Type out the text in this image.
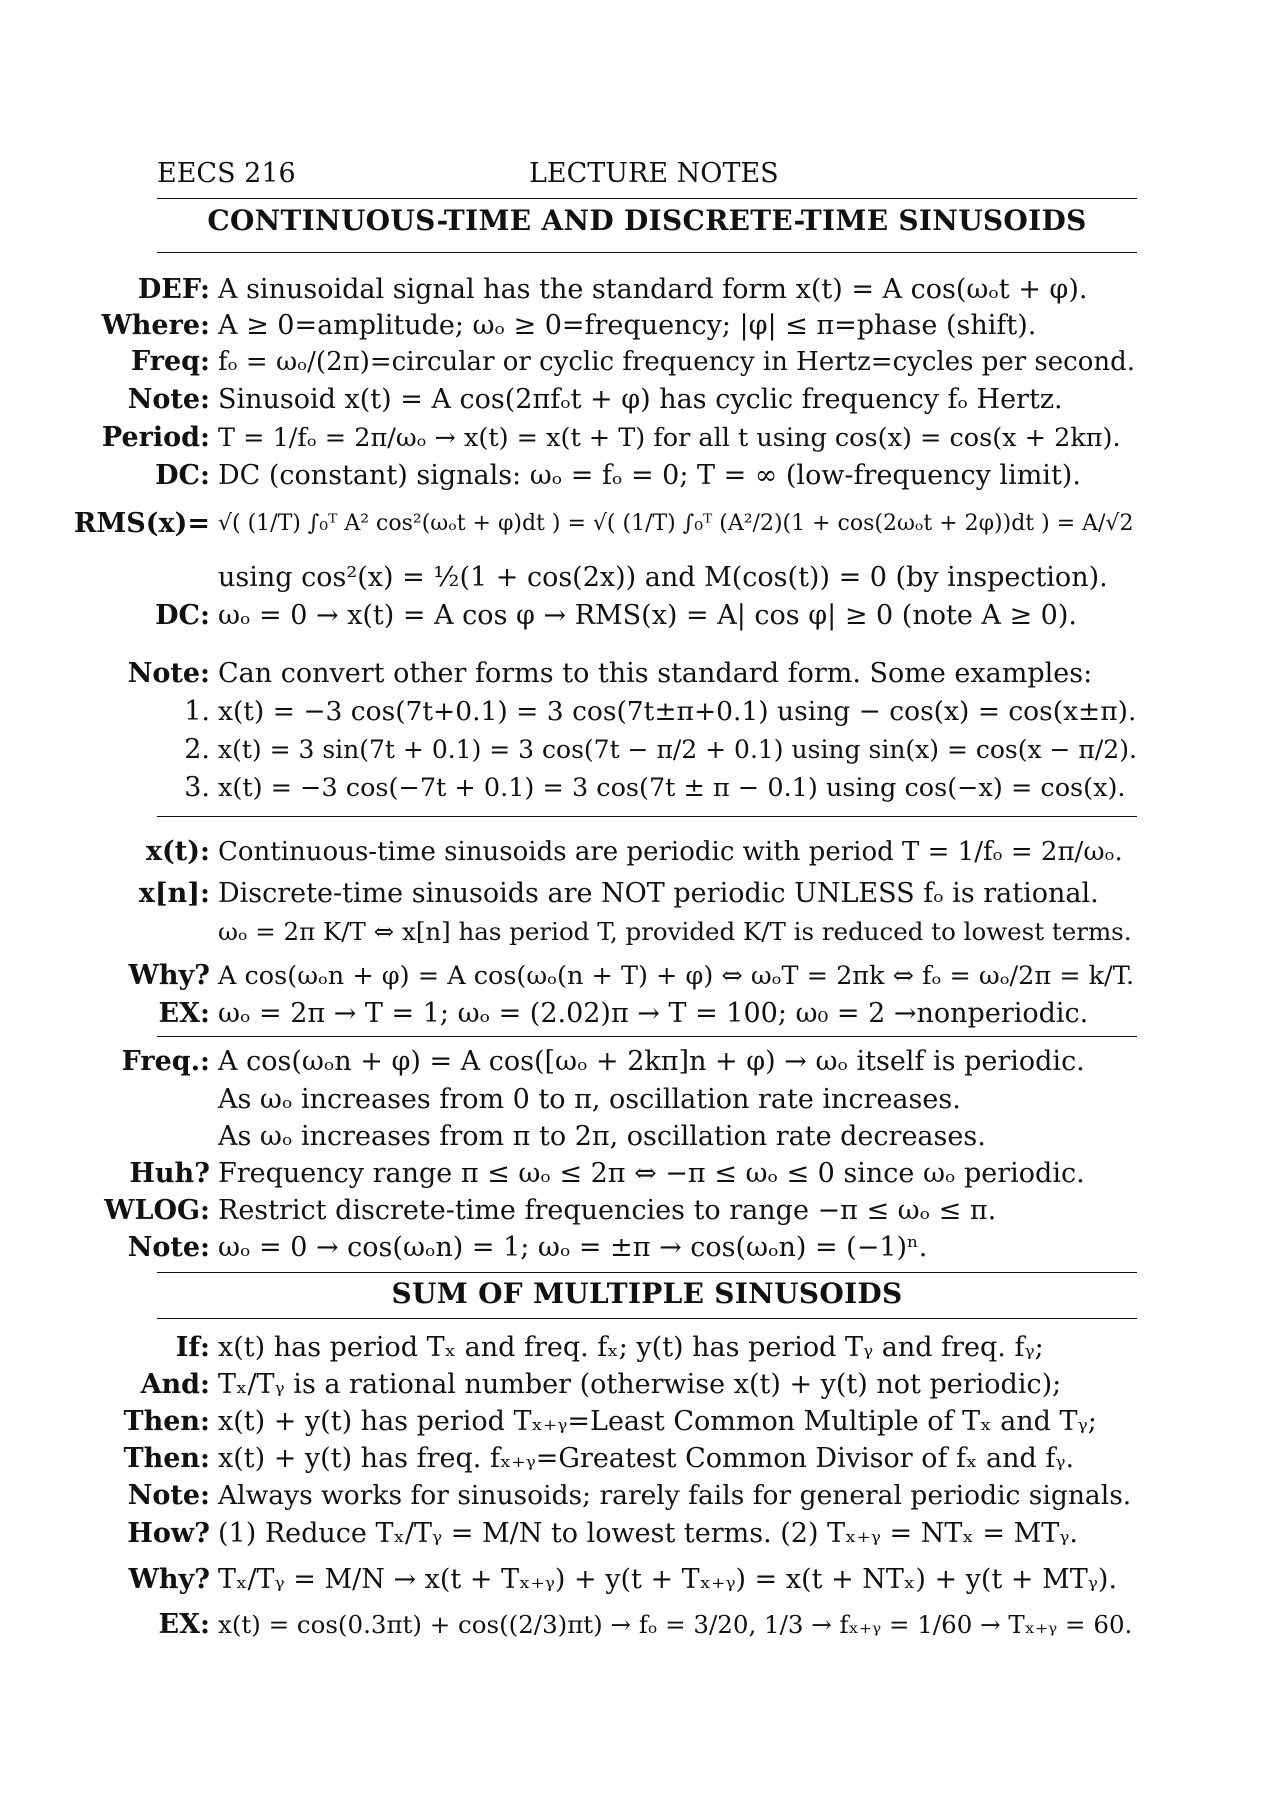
EECS 216	LECTURE NOTES
CONTINUOUS-TIME AND DISCRETE-TIME SINUSOIDS
DEF: A sinusoidal signal has the standard form x(t) = A cos(ωₒt + φ).
Where: A ≥ 0=amplitude; ωₒ ≥ 0=frequency; |φ| ≤ π=phase (shift).
Freq: fₒ = ωₒ/(2π)=circular or cyclic frequency in Hertz=cycles per second.
Note: Sinusoid x(t) = A cos(2πfₒt + φ) has cyclic frequency fₒ Hertz.
Period: T = 1/fₒ = 2π/ωₒ → x(t) = x(t + T) for all t using cos(x) = cos(x + 2kπ).
DC: DC (constant) signals: ωₒ = fₒ = 0; T = ∞ (low-frequency limit).
RMS(x)= √( (1/T) ∫₀ᵀ A² cos²(ωₒt + φ)dt ) = √( (1/T) ∫₀ᵀ (A²/2)(1 + cos(2ωₒt + 2φ))dt ) = A/√2
using cos²(x) = ½(1 + cos(2x)) and M(cos(t)) = 0 (by inspection).
DC: ωₒ = 0 → x(t) = A cos φ → RMS(x) = A| cos φ| ≥ 0 (note A ≥ 0).
Note: Can convert other forms to this standard form. Some examples:
1. x(t) = −3 cos(7t+0.1) = 3 cos(7t±π+0.1) using − cos(x) = cos(x±π).
2. x(t) = 3 sin(7t + 0.1) = 3 cos(7t − π/2 + 0.1) using sin(x) = cos(x − π/2).
3. x(t) = −3 cos(−7t + 0.1) = 3 cos(7t ± π − 0.1) using cos(−x) = cos(x).
x(t): Continuous-time sinusoids are periodic with period T = 1/fₒ = 2π/ωₒ.
x[n]: Discrete-time sinusoids are NOT periodic UNLESS fₒ is rational.
ωₒ = 2π K/T ⇔ x[n] has period T, provided K/T is reduced to lowest terms.
Why? A cos(ωₒn + φ) = A cos(ωₒ(n + T) + φ) ⇔ ωₒT = 2πk ⇔ fₒ = ωₒ/2π = k/T.
EX: ωₒ = 2π → T = 1; ωₒ = (2.02)π → T = 100; ω₀ = 2 →nonperiodic.
Freq.: A cos(ωₒn + φ) = A cos([ωₒ + 2kπ]n + φ) → ωₒ itself is periodic.
As ωₒ increases from 0 to π, oscillation rate increases.
As ωₒ increases from π to 2π, oscillation rate decreases.
Huh? Frequency range π ≤ ωₒ ≤ 2π ⇔ −π ≤ ωₒ ≤ 0 since ωₒ periodic.
WLOG: Restrict discrete-time frequencies to range −π ≤ ωₒ ≤ π.
Note: ωₒ = 0 → cos(ωₒn) = 1; ωₒ = ±π → cos(ωₒn) = (−1)ⁿ.
SUM OF MULTIPLE SINUSOIDS
If: x(t) has period Tₓ and freq. fₓ; y(t) has period Tᵧ and freq. fᵧ;
And: Tₓ/Tᵧ is a rational number (otherwise x(t) + y(t) not periodic);
Then: x(t) + y(t) has period Tₓ₊ᵧ=Least Common Multiple of Tₓ and Tᵧ;
Then: x(t) + y(t) has freq. fₓ₊ᵧ=Greatest Common Divisor of fₓ and fᵧ.
Note: Always works for sinusoids; rarely fails for general periodic signals.
How? (1) Reduce Tₓ/Tᵧ = M/N to lowest terms. (2) Tₓ₊ᵧ = NTₓ = MTᵧ.
Why? Tₓ/Tᵧ = M/N → x(t + Tₓ₊ᵧ) + y(t + Tₓ₊ᵧ) = x(t + NTₓ) + y(t + MTᵧ).
EX: x(t) = cos(0.3πt) + cos((2/3)πt) → fₒ = 3/20, 1/3 → fₓ₊ᵧ = 1/60 → Tₓ₊ᵧ = 60.
